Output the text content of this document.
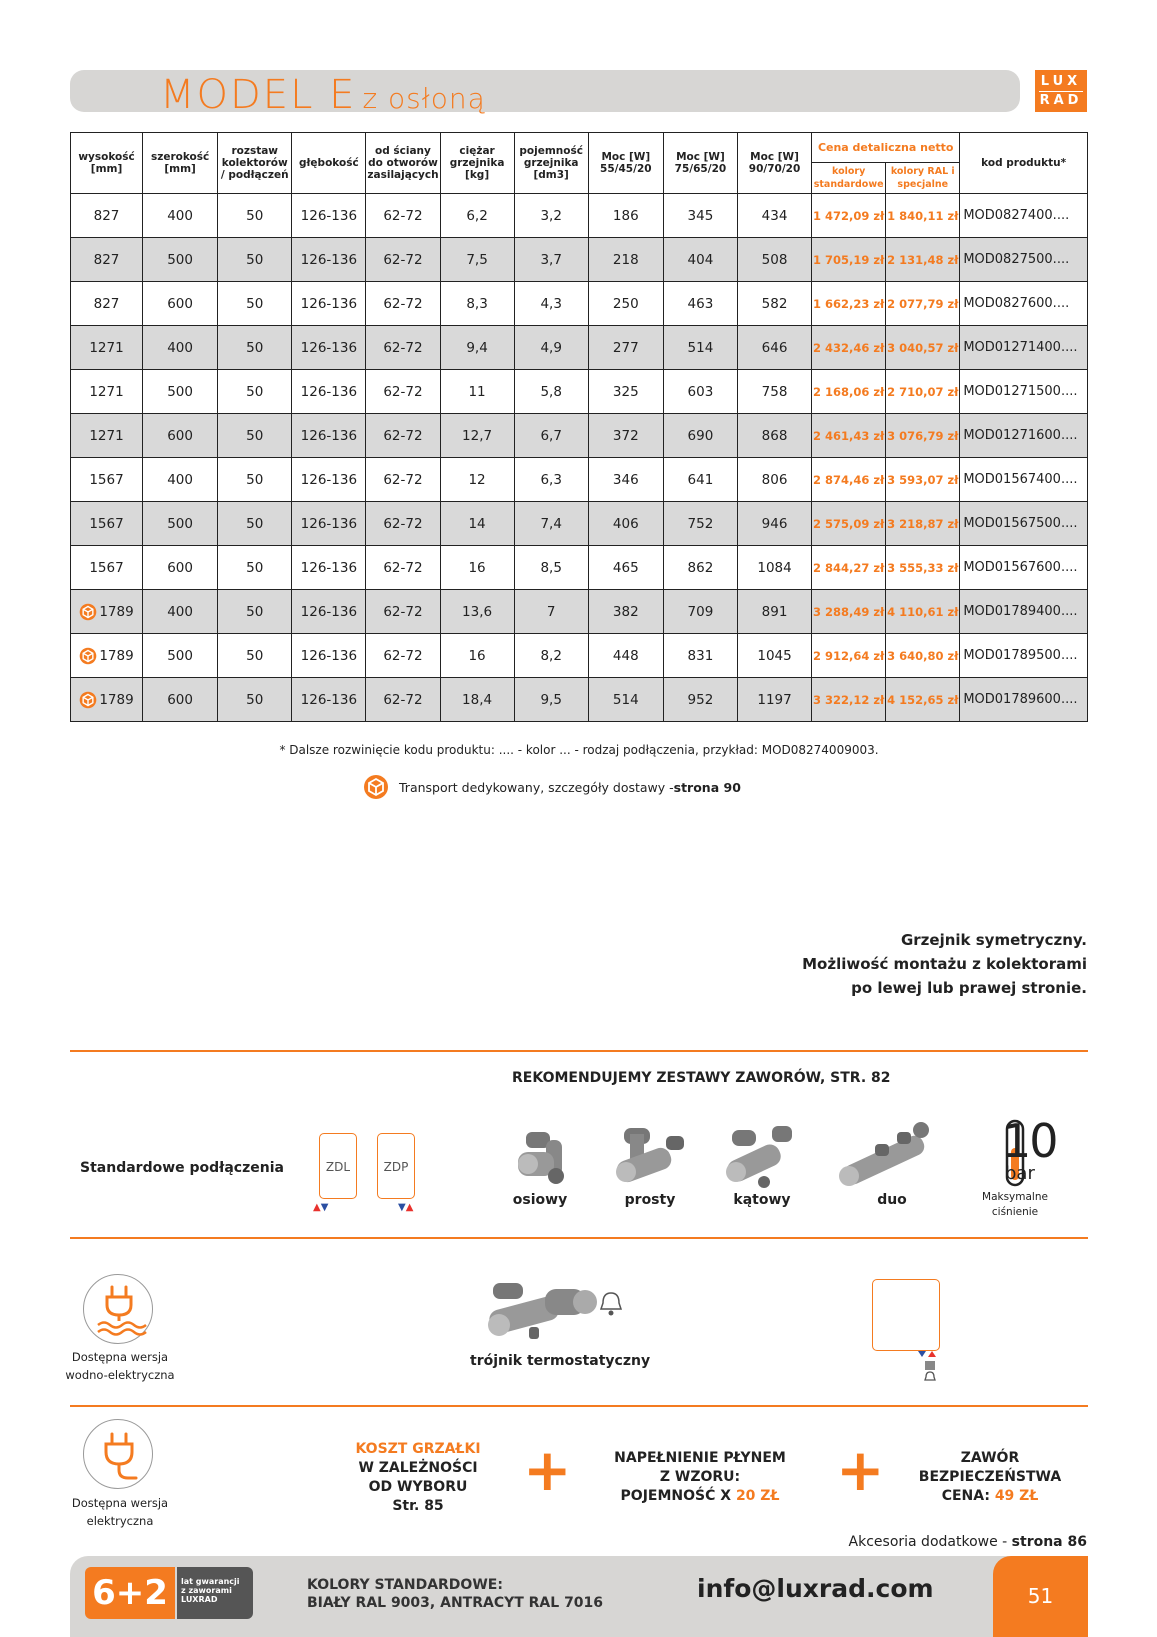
MODEL E z osłoną
LUX
RAD
wysokość [mm]	szerokość [mm]	rozstaw kolektorów / podłączeń	głębokość	od ściany do otworów zasilających	ciężar grzejnika [kg]	pojemność grzejnika [dm3]	Moc [W] 55/45/20	Moc [W] 75/65/20	Moc [W] 90/70/20	Cena detaliczna netto		kod produktu*
										kolory standardowe	kolory RAL i specjalne	
827	400	50	126-136	62-72	6,2	3,2	186	345	434	1 472,09 zł	1 840,11 zł	MOD0827400....
827	500	50	126-136	62-72	7,5	3,7	218	404	508	1 705,19 zł	2 131,48 zł	MOD0827500....
827	600	50	126-136	62-72	8,3	4,3	250	463	582	1 662,23 zł	2 077,79 zł	MOD0827600....
1271	400	50	126-136	62-72	9,4	4,9	277	514	646	2 432,46 zł	3 040,57 zł	MOD01271400....
1271	500	50	126-136	62-72	11	5,8	325	603	758	2 168,06 zł	2 710,07 zł	MOD01271500....
1271	600	50	126-136	62-72	12,7	6,7	372	690	868	2 461,43 zł	3 076,79 zł	MOD01271600....
1567	400	50	126-136	62-72	12	6,3	346	641	806	2 874,46 zł	3 593,07 zł	MOD01567400....
1567	500	50	126-136	62-72	14	7,4	406	752	946	2 575,09 zł	3 218,87 zł	MOD01567500....
1567	600	50	126-136	62-72	16	8,5	465	862	1084	2 844,27 zł	3 555,33 zł	MOD01567600....
1789	400	50	126-136	62-72	13,6	7	382	709	891	3 288,49 zł	4 110,61 zł	MOD01789400....
1789	500	50	126-136	62-72	16	8,2	448	831	1045	2 912,64 zł	3 640,80 zł	MOD01789500....
1789	600	50	126-136	62-72	18,4	9,5	514	952	1197	3 322,12 zł	4 152,65 zł	MOD01789600....
* Dalsze rozwinięcie kodu produktu: .... - kolor ... - rodzaj podłączenia, przykład: MOD08274009003.
Transport dedykowany, szczegóły dostawy - strona 90
Grzejnik symetryczny.
Możliwość montażu z kolektorami
po lewej lub prawej stronie.
REKOMENDUJEMY ZESTAWY ZAWORÓW, STR. 82
Standardowe podłączenia	ZDL
▲▼
ZDP
▼▲	osiowy	prosty	kątowy	duo
10
bar
Maksymalne ciśnienie
Dostępna wersja wodno-elektryczna
trójnik termostatyczny
Dostępna wersja elektryczna
KOSZT GRZAŁKI
W ZALEŻNOŚCI
OD WYBORU
Str. 85
+	NAPEŁNIENIE PŁYNEM
Z WZORU:
POJEMNOŚĆ X 20 ZŁ +	ZAWÓR
BEZPIECZEŃSTWA
CENA: 49 ZŁ
Akcesoria dodatkowe - strona 86
6+2	lat gwarancji
z zaworami
LUXRAD
KOLORY STANDARDOWE:
BIAŁY RAL 9003, ANTRACYT RAL 7016	info@luxrad.com	51
